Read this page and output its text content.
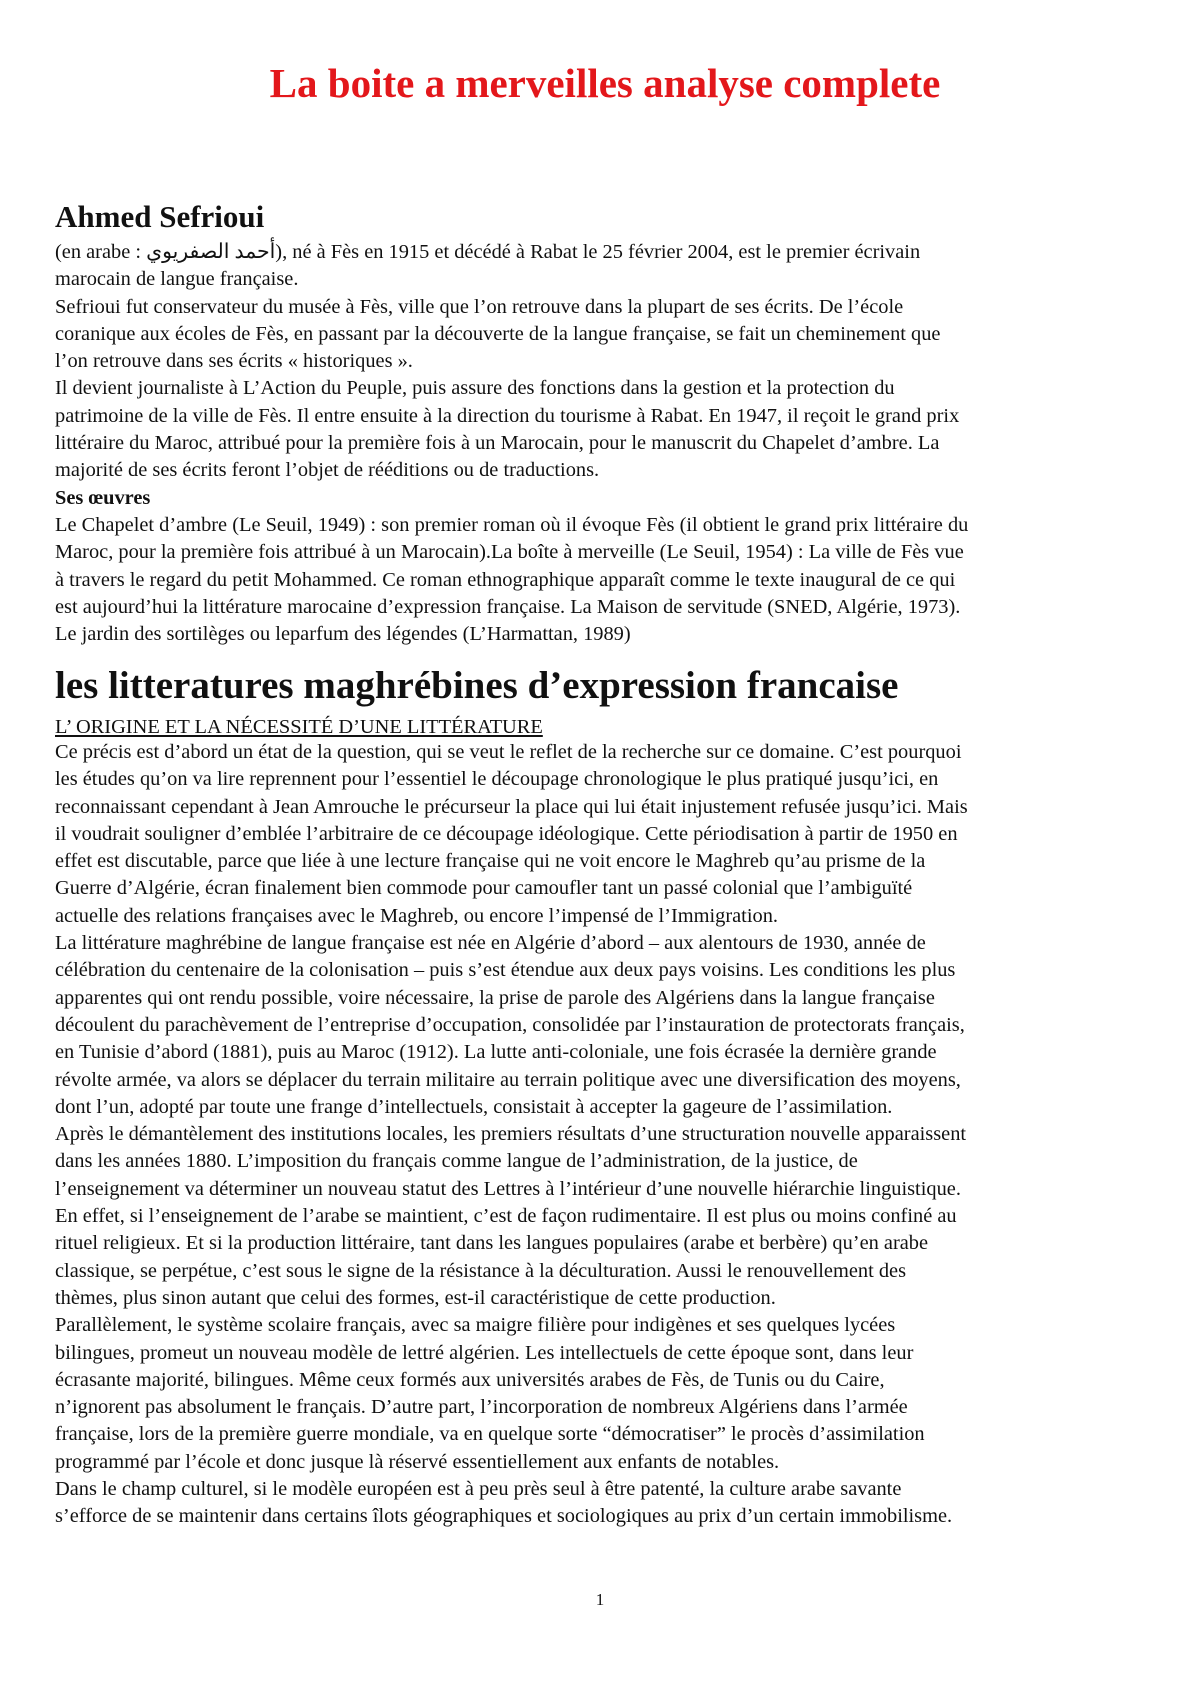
La boite a merveilles analyse complete
Ahmed Sefrioui

(en arabe : أحمد الصفريوي), né à Fès en 1915 et décédé à Rabat le 25 février 2004, est le premier écrivain

marocain de langue française.

Sefrioui fut conservateur du musée à Fès, ville que l’on retrouve dans la plupart de ses écrits. De l’école

coranique aux écoles de Fès, en passant par la découverte de la langue française, se fait un cheminement que

l’on retrouve dans ses écrits « historiques ».

Il devient journaliste à L’Action du Peuple, puis assure des fonctions dans la gestion et la protection du

patrimoine de la ville de Fès. Il entre ensuite à la direction du tourisme à Rabat. En 1947, il reçoit le grand prix

littéraire du Maroc, attribué pour la première fois à un Marocain, pour le manuscrit du Chapelet d’ambre. La

majorité de ses écrits feront l’objet de rééditions ou de traductions.

Ses œuvres

Le Chapelet d’ambre (Le Seuil, 1949) : son premier roman où il évoque Fès (il obtient le grand prix littéraire du

Maroc, pour la première fois attribué à un Marocain).La boîte à merveille (Le Seuil, 1954) : La ville de Fès vue

à travers le regard du petit Mohammed. Ce roman ethnographique apparaît comme le texte inaugural de ce qui

est aujourd’hui la littérature marocaine d’expression française. La Maison de servitude (SNED, Algérie, 1973).

Le jardin des sortilèges ou leparfum des légendes (L’Harmattan, 1989)

les litteratures maghrébines d’expression francaise
L’ ORIGINE ET LA NÉCESSITÉ D’UNE LITTÉRATURE

Ce précis est d’abord un état de la question, qui se veut le reflet de la recherche sur ce domaine. C’est pourquoi

les études qu’on va lire reprennent pour l’essentiel le découpage chronologique le plus pratiqué jusqu’ici, en

reconnaissant cependant à Jean Amrouche le précurseur la place qui lui était injustement refusée jusqu’ici. Mais

il voudrait souligner d’emblée l’arbitraire de ce découpage idéologique. Cette périodisation à partir de 1950 en

effet est discutable, parce que liée à une lecture française qui ne voit encore le Maghreb qu’au prisme de la

Guerre d’Algérie, écran finalement bien commode pour camoufler tant un passé colonial que l’ambiguïté

actuelle des relations françaises avec le Maghreb, ou encore l’impensé de l’Immigration.

La littérature maghrébine de langue française est née en Algérie d’abord – aux alentours de 1930, année de

célébration du centenaire de la colonisation – puis s’est étendue aux deux pays voisins. Les conditions les plus

apparentes qui ont rendu possible, voire nécessaire, la prise de parole des Algériens dans la langue française

découlent du parachèvement de l’entreprise d’occupation, consolidée par l’instauration de protectorats français,

en Tunisie d’abord (1881), puis au Maroc (1912). La lutte anti-coloniale, une fois écrasée la dernière grande

révolte armée, va alors se déplacer du terrain militaire au terrain politique avec une diversification des moyens,

dont l’un, adopté par toute une frange d’intellectuels, consistait à accepter la gageure de l’assimilation.

Après le démantèlement des institutions locales, les premiers résultats d’une structuration nouvelle apparaissent

dans les années 1880. L’imposition du français comme langue de l’administration, de la justice, de

l’enseignement va déterminer un nouveau statut des Lettres à l’intérieur d’une nouvelle hiérarchie linguistique.

En effet, si l’enseignement de l’arabe se maintient, c’est de façon rudimentaire. Il est plus ou moins confiné au

rituel religieux. Et si la production littéraire, tant dans les langues populaires (arabe et berbère) qu’en arabe

classique, se perpétue, c’est sous le signe de la résistance à la déculturation. Aussi le renouvellement des

thèmes, plus sinon autant que celui des formes, est-il caractéristique de cette production.

Parallèlement, le système scolaire français, avec sa maigre filière pour indigènes et ses quelques lycées

bilingues, promeut un nouveau modèle de lettré algérien. Les intellectuels de cette époque sont, dans leur

écrasante majorité, bilingues. Même ceux formés aux universités arabes de Fès, de Tunis ou du Caire,

n’ignorent pas absolument le français. D’autre part, l’incorporation de nombreux Algériens dans l’armée

française, lors de la première guerre mondiale, va en quelque sorte “démocratiser” le procès d’assimilation

programmé par l’école et donc jusque là réservé essentiellement aux enfants de notables.

Dans le champ culturel, si le modèle européen est à peu près seul à être patenté, la culture arabe savante

s’efforce de se maintenir dans certains îlots géographiques et sociologiques au prix d’un certain immobilisme.

1
